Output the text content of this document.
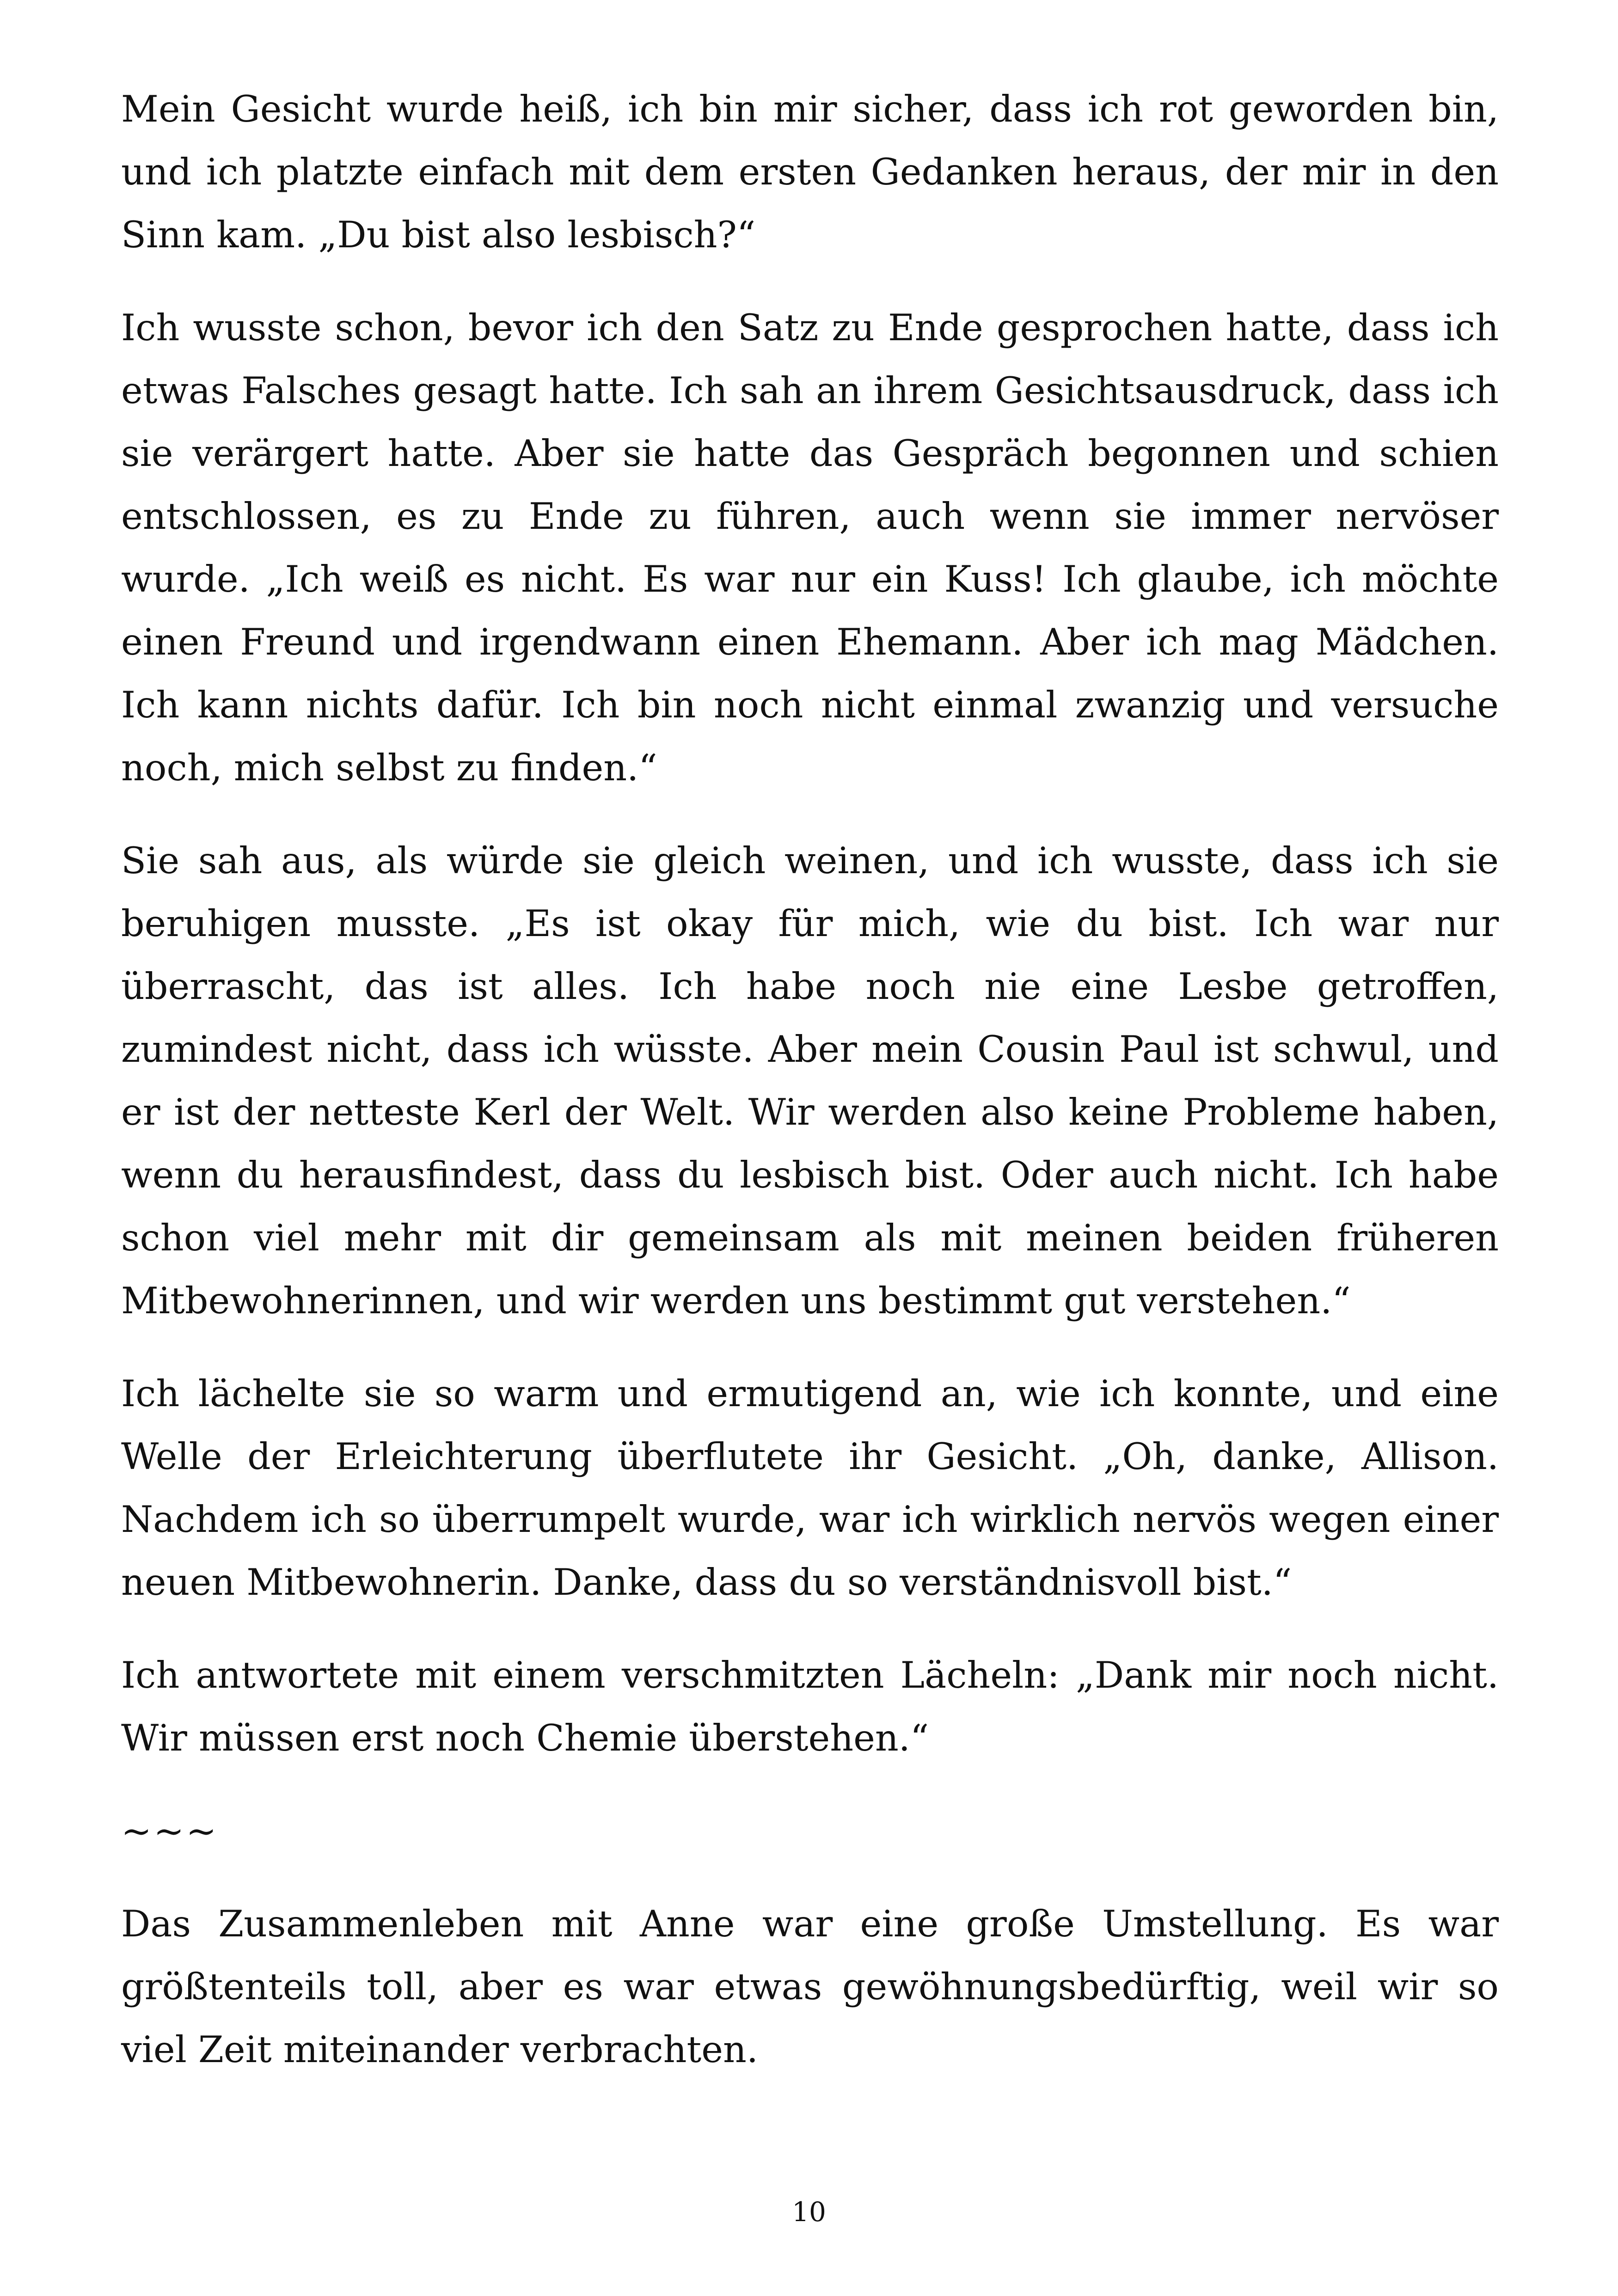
Mein Gesicht wurde heiß, ich bin mir sicher, dass ich rot geworden bin, und ich platzte einfach mit dem ersten Gedanken heraus, der mir in den Sinn kam. „Du bist also lesbisch?“

Ich wusste schon, bevor ich den Satz zu Ende gesprochen hatte, dass ich etwas Falsches gesagt hatte. Ich sah an ihrem Gesichtsausdruck, dass ich sie verärgert hatte. Aber sie hatte das Gespräch begonnen und schien entschlossen, es zu Ende zu führen, auch wenn sie immer nervöser wurde. „Ich weiß es nicht. Es war nur ein Kuss! Ich glaube, ich möchte einen Freund und irgendwann einen Ehemann. Aber ich mag Mädchen. Ich kann nichts dafür. Ich bin noch nicht einmal zwanzig und versuche noch, mich selbst zu finden.“

Sie sah aus, als würde sie gleich weinen, und ich wusste, dass ich sie beruhigen musste. „Es ist okay für mich, wie du bist. Ich war nur überrascht, das ist alles. Ich habe noch nie eine Lesbe getroffen, zumindest nicht, dass ich wüsste. Aber mein Cousin Paul ist schwul, und er ist der netteste Kerl der Welt. Wir werden also keine Probleme haben, wenn du herausfindest, dass du lesbisch bist. Oder auch nicht. Ich habe schon viel mehr mit dir gemeinsam als mit meinen beiden früheren Mitbewohnerinnen, und wir werden uns bestimmt gut verstehen.“

Ich lächelte sie so warm und ermutigend an, wie ich konnte, und eine Welle der Erleichterung überflutete ihr Gesicht. „Oh, danke, Allison. Nachdem ich so überrumpelt wurde, war ich wirklich nervös wegen einer neuen Mitbewohnerin. Danke, dass du so verständnisvoll bist.“

Ich antwortete mit einem verschmitzten Lächeln: „Dank mir noch nicht. Wir müssen erst noch Chemie überstehen.“

~~~

Das Zusammenleben mit Anne war eine große Umstellung. Es war größtenteils toll, aber es war etwas gewöhnungsbedürftig, weil wir so viel Zeit miteinander verbrachten.

10
